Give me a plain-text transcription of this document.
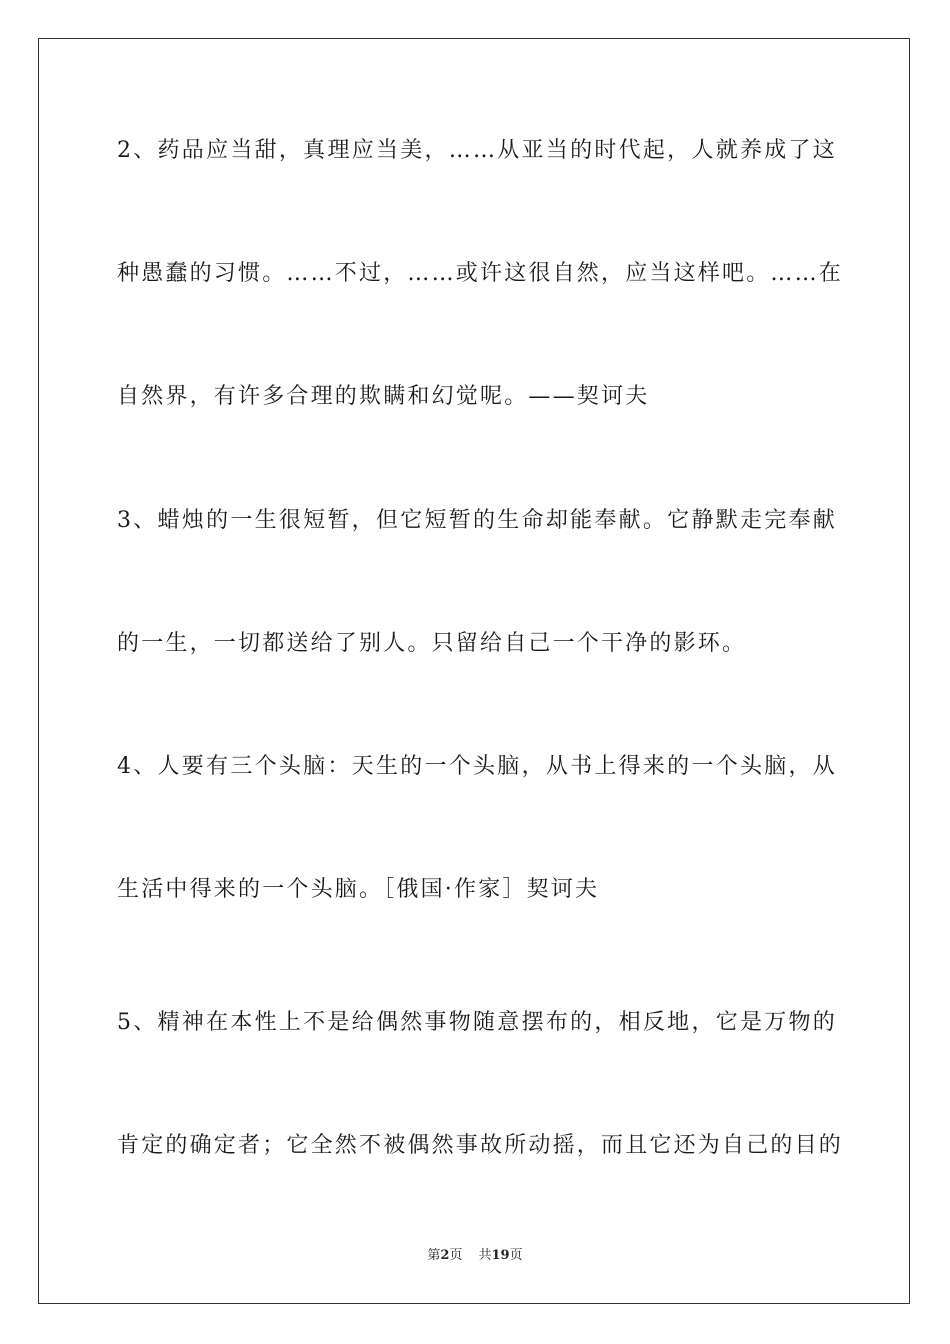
2、药品应当甜，真理应当美，……从亚当的时代起，人就养成了这
种愚蠢的习惯。……不过，……或许这很自然，应当这样吧。……在
自然界，有许多合理的欺瞒和幻觉呢。——契诃夫
3、蜡烛的一生很短暂，但它短暂的生命却能奉献。它静默走完奉献
的一生，一切都送给了别人。只留给自己一个干净的影环。
4、人要有三个头脑：天生的一个头脑，从书上得来的一个头脑，从
生活中得来的一个头脑。［俄国·作家］契诃夫
5、精神在本性上不是给偶然事物随意摆布的，相反地，它是万物的
肯定的确定者；它全然不被偶然事故所动摇，而且它还为自己的目的
第2页 共19页
